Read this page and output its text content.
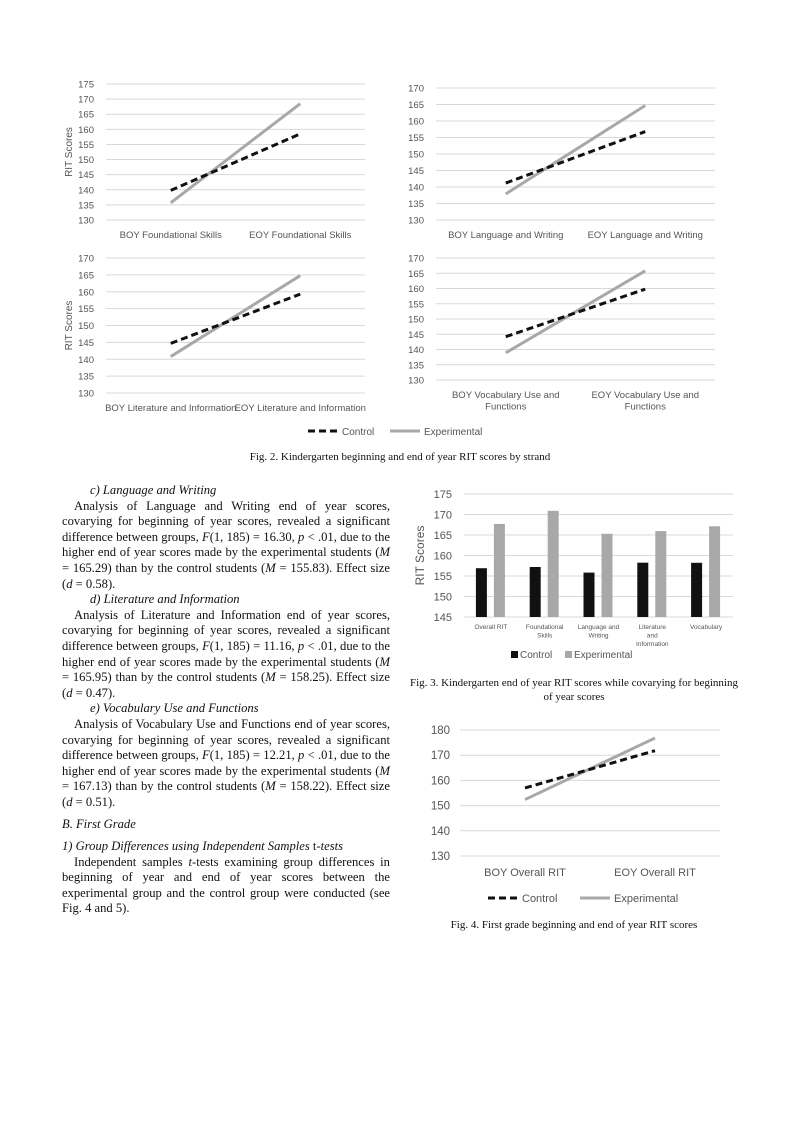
130
135
140
145
150
155
160
165
170
175
RIT Scores
BOY Foundational Skills	EOY Foundational Skills
130
135
140
145
150
155
160
165
170
BOY Language and Writing	EOY Language and Writing
130
135
140
145
150
155
160
165
170
RIT Scores
BOY Literature and Information
EOY Literature and Information
130
135
140
145
150
155
160
165
170
BOY Vocabulary Use and
Functions
EOY Vocabulary Use and
Functions
Control	Experimental
Fig. 2. Kindergarten beginning and end of year RIT scores by strand

c) Language and Writing

Analysis of Language and Writing end of year scores, covarying for beginning of year scores, revealed a significant difference between groups, F(1, 185) = 16.30, p < .01, due to the higher end of year scores made by the experimental students (M = 165.29) than by the control students (M = 155.83). Effect size (d = 0.58).

d) Literature and Information

Analysis of Literature and Information end of year scores, covarying for beginning of year scores, revealed a significant difference between groups, F(1, 185) = 11.16, p < .01, due to the higher end of year scores made by the experimental students (M = 165.95) than by the control students (M = 158.25). Effect size (d = 0.47).

e) Vocabulary Use and Functions

Analysis of Vocabulary Use and Functions end of year scores, covarying for beginning of year scores, revealed a significant difference between groups, F(1, 185) = 12.21, p < .01, due to the higher end of year scores made by the experimental students (M = 167.13) than by the control students (M = 158.22). Effect size (d = 0.51).

B. First Grade

1) Group Differences using Independent Samples t-tests

Independent samples t-tests examining group differences in beginning of year and end of year scores between the experimental group and the control group were conducted (see Fig. 4 and 5).

145
150
155
160
165
170
175
RIT Scores
Overall RIT	Foundational
Skills
Language and
Writing
Literature
and
Information
Vocabulary
Control Experimental
Fig. 3. Kindergarten end of year RIT scores while covarying for beginning of year scores
130
140
150
160
170
180
BOY Overall RIT	EOY Overall RIT
Control	Experimental
Fig. 4. First grade beginning and end of year RIT scores
